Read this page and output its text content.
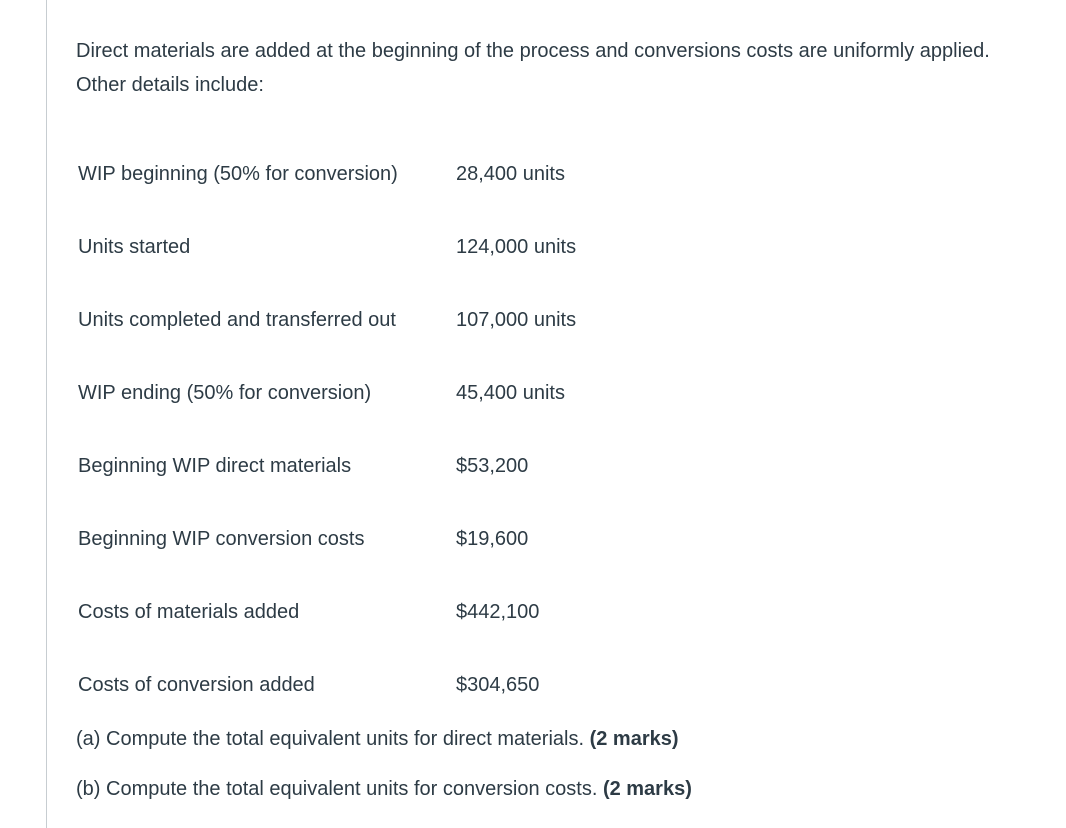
Direct materials are added at the beginning of the process and conversions costs are uniformly applied. Other details include:

WIP beginning (50% for conversion)	28,400 units
Units started	124,000 units
Units completed and transferred out	107,000 units
WIP ending (50% for conversion)	45,400 units
Beginning WIP direct materials	$53,200
Beginning WIP conversion costs	$19,600
Costs of materials added	$442,100
Costs of conversion added	$304,650

(a) Compute the total equivalent units for direct materials. (2 marks)

(b) Compute the total equivalent units for conversion costs. (2 marks)
